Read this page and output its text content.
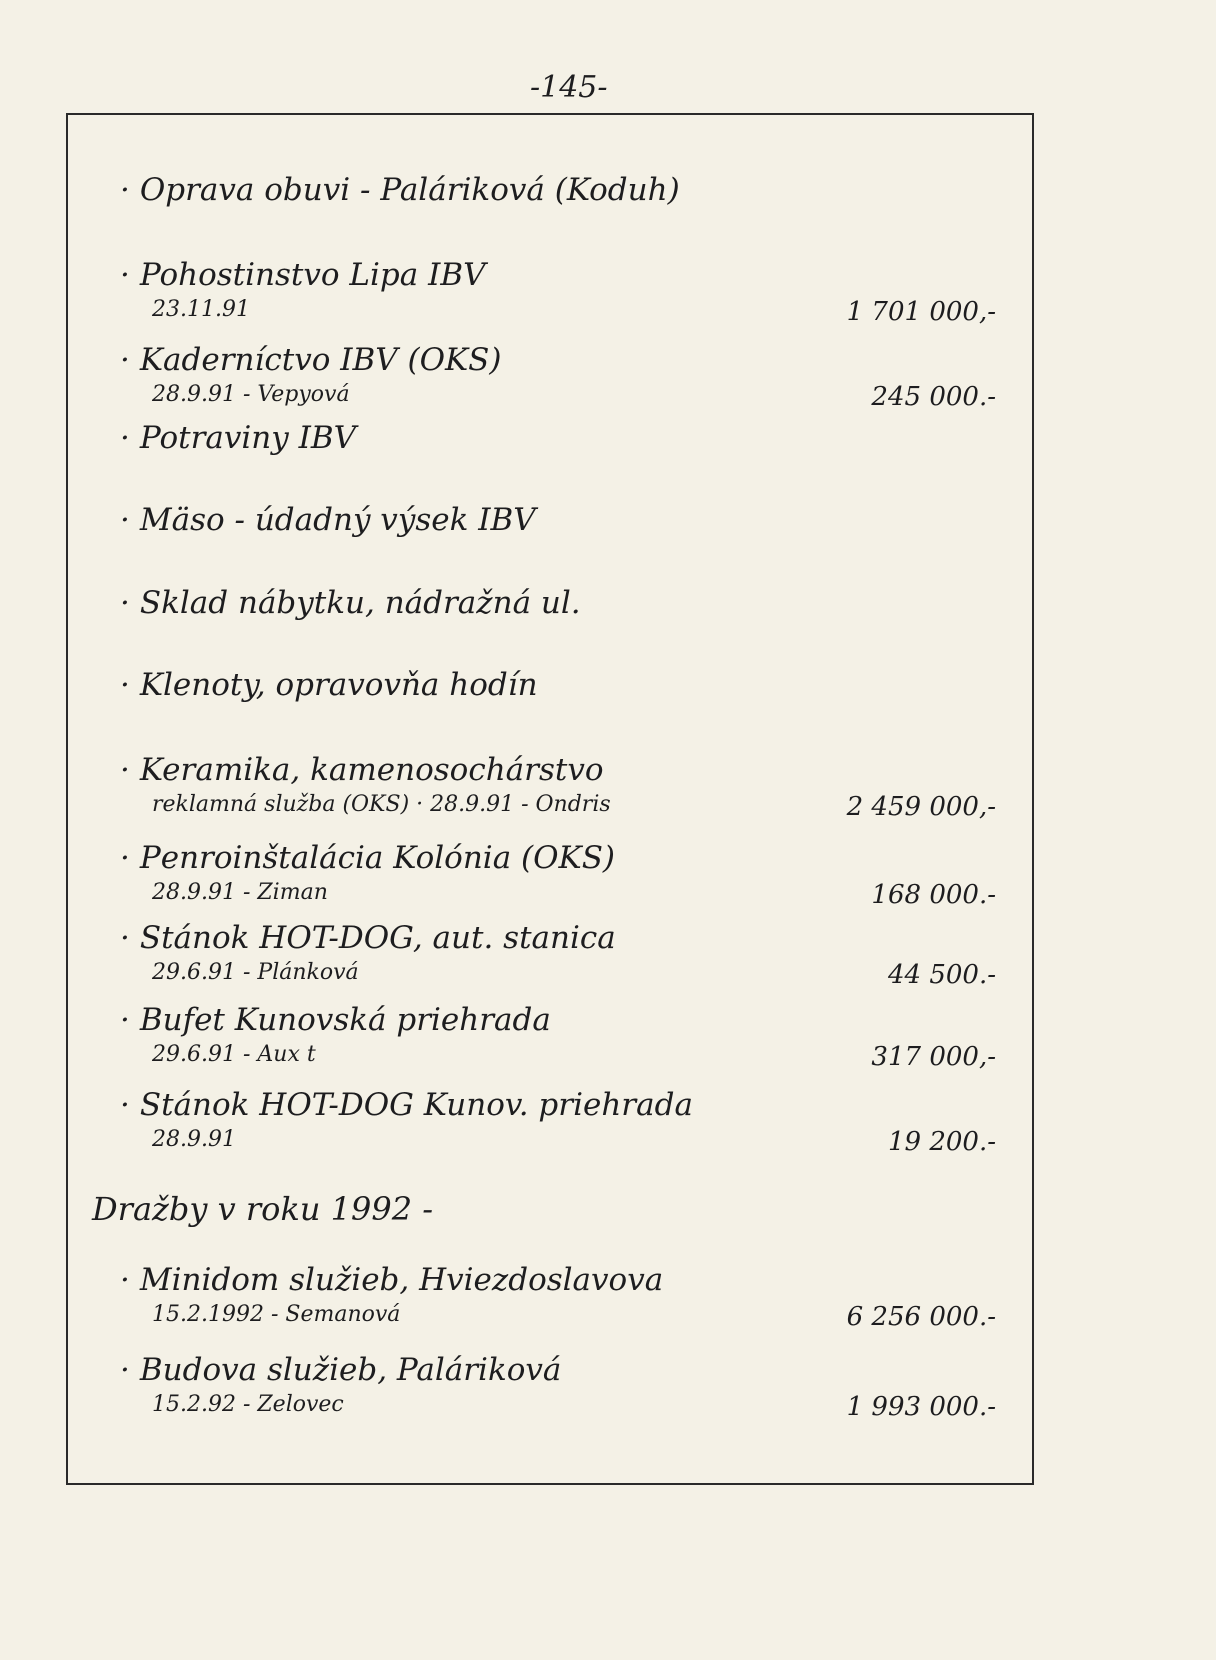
-145-
· Opravа obuvi - Paláriková (Koduh)
· Pohostinstvo Lipa IBV
23.11.91	1 701 000,-
· Kaderníctvo IBV (OKS)
28.9.91 - Vepyová	245 000.-
· Potraviny IBV
· Mäso - údadný výsek IBV
· Sklad nábytku, nádražná ul.
· Klenoty, opravovňa hodín
· Keramika, kamenosochárstvo
reklamná služba (OKS) · 28.9.91 - Ondris	2 459 000,-
· Pепroinštalácia Kolónia (OKS)
28.9.91 - Ziman	168 000.-
· Stánok HOT-DOG, aut. stanica
29.6.91 - Plánková	44 500.-
· Bufet Kunovská priehrada
29.6.91 - Aux t	317 000,-
· Stánok HOT-DOG Kunov. priehrada
28.9.91	19 200.-
Dražby v roku 1992 -
· Minidom služieb, Hviezdoslavova
15.2.1992 - Semanová	6 256 000.-
· Budova služieb, Paláriková
15.2.92 - Zelovec	1 993 000.-
